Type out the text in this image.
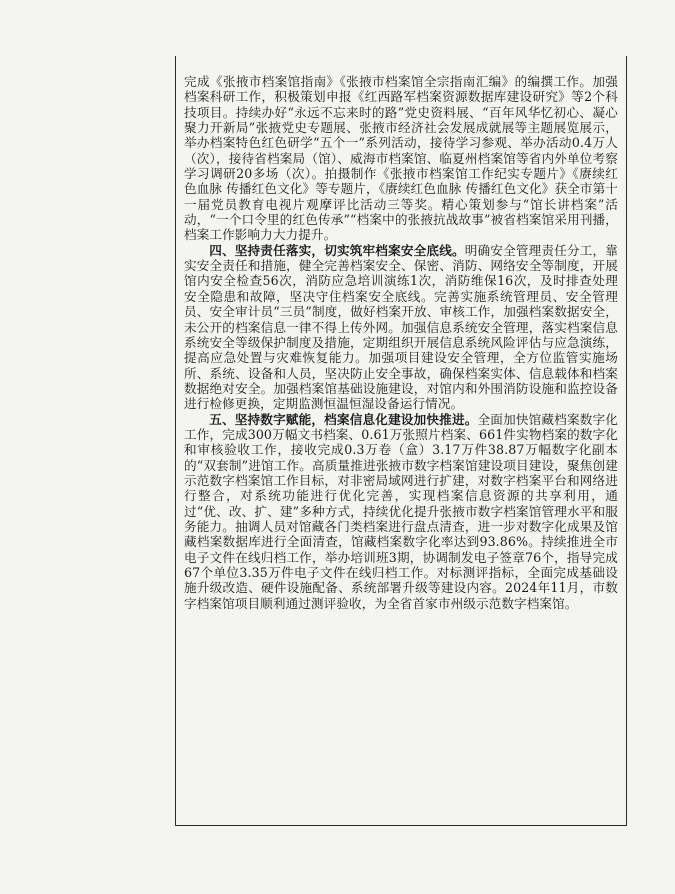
完成《张掖市档案馆指南》《张掖市档案馆全宗指南汇编》的编撰工作。加强档案科研工作，积极策划申报《红西路军档案资源数据库建设研究》等2个科技项目。持续办好“永远不忘来时的路”党史资料展、“百年风华忆初心、凝心聚力开新局”张掖党史专题展、张掖市经济社会发展成就展等主题展览展示，举办档案特色红色研学“五个一”系列活动，接待学习参观、举办活动0.4万人（次），接待省档案局（馆）、威海市档案馆、临夏州档案馆等省内外单位考察学习调研20多场（次）。拍摄制作《张掖市档案馆工作纪实专题片》《赓续红色血脉 传播红色文化》等专题片，《赓续红色血脉 传播红色文化》获全市第十一届党员教育电视片观摩评比活动三等奖。精心策划参与“馆长讲档案”活动，“一个口令里的红色传承”“档案中的张掖抗战故事”被省档案馆采用刊播，档案工作影响力大力提升。

四、坚持责任落实，切实筑牢档案安全底线。明确安全管理责任分工，靠实安全责任和措施，健全完善档案安全、保密、消防、网络安全等制度，开展馆内安全检查56次，消防应急培训演练1次，消防维保16次，及时排查处理安全隐患和故障，坚决守住档案安全底线。完善实施系统管理员、安全管理员、安全审计员“三员”制度，做好档案开放、审核工作，加强档案数据安全，未公开的档案信息一律不得上传外网。加强信息系统安全管理，落实档案信息系统安全等级保护制度及措施，定期组织开展信息系统风险评估与应急演练，提高应急处置与灾难恢复能力。加强项目建设安全管理，全方位监管实施场所、系统、设备和人员，坚决防止安全事故，确保档案实体、信息载体和档案数据绝对安全。加强档案馆基础设施建设，对馆内和外围消防设施和监控设备进行检修更换，定期监测恒温恒湿设备运行情况。

五、坚持数字赋能，档案信息化建设加快推进。全面加快馆藏档案数字化工作，完成300万幅文书档案、0.61万张照片档案、661件实物档案的数字化和审核验收工作，接收完成0.3万卷（盒）3.17万件38.87万幅数字化副本的“双套制”进馆工作。高质量推进张掖市数字档案馆建设项目建设，聚焦创建示范数字档案馆工作目标，对非密局域网进行扩建，对数字档案平台和网络进行整合，对系统功能进行优化完善，实现档案信息资源的共享利用，通过“优、改、扩、建”多种方式，持续优化提升张掖市数字档案馆管理水平和服务能力。抽调人员对馆藏各门类档案进行盘点清查，进一步对数字化成果及馆藏档案数据库进行全面清查，馆藏档案数字化率达到93.86%。持续推进全市电子文件在线归档工作，举办培训班3期，协调制发电子签章76个，指导完成67个单位3.35万件电子文件在线归档工作。对标测评指标，全面完成基础设施升级改造、硬件设施配备、系统部署升级等建设内容。2024年11月，市数字档案馆项目顺利通过测评验收，为全省首家市州级示范数字档案馆。
